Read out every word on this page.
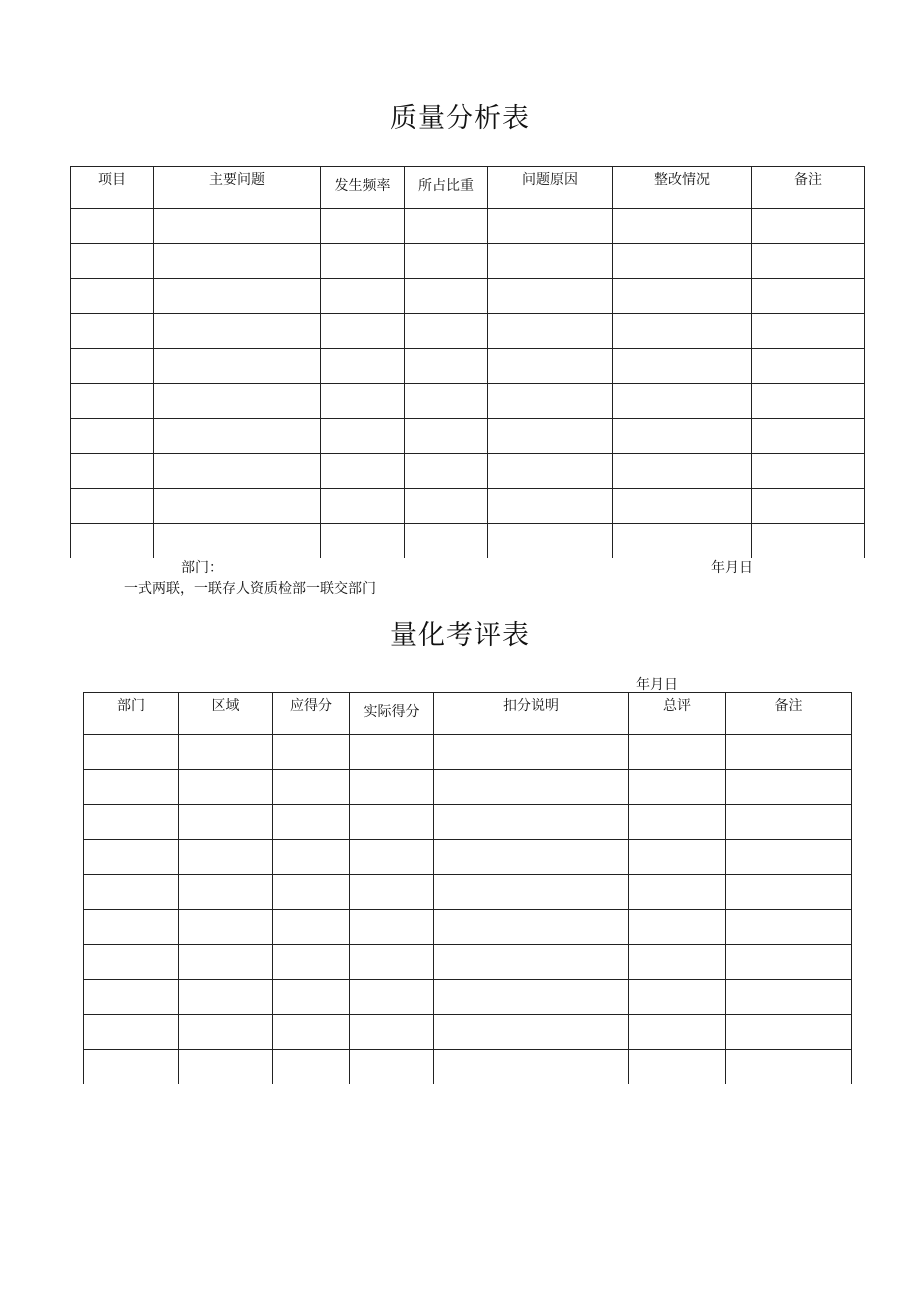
质量分析表
项目	主要问题	发生频率	所占比重	问题原因	整改情况	备注

部门：	年月日
一式两联，一联存人资质检部一联交部门
量化考评表
年月日
部门	区域	应得分	实际得分	扣分说明	总评	备注
